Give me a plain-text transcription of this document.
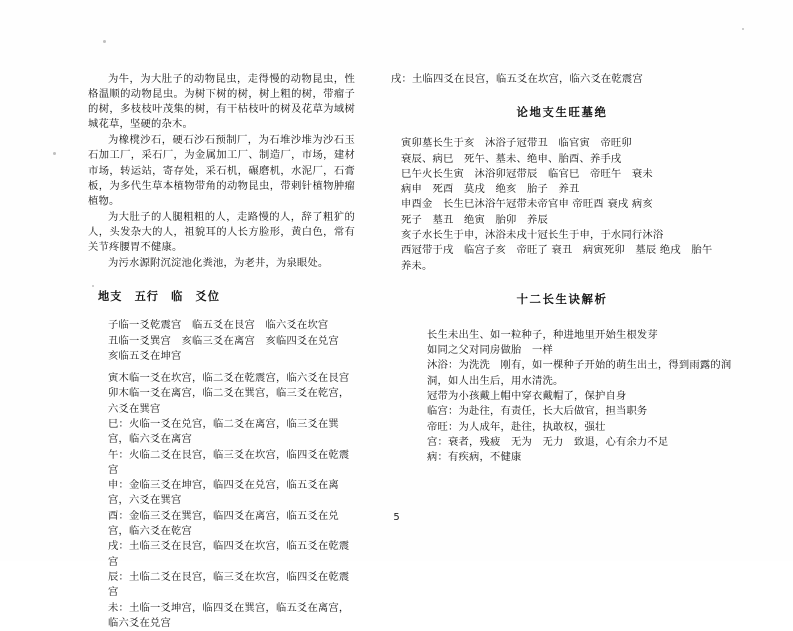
为牛，为大肚子的动物昆虫，走得慢的动物昆虫，性格温顺的动物昆虫。为树下树的树，树上粗的树，带瘤子的树，多枝枝叶茂集的树，有干枯枝叶的树及花草为域树城花草，坚硬的杂木。

为橡櫈沙石，硬石沙石预制厂，为石堆沙堆为沙石玉石加工厂，采石厂，为金属加工厂、制造厂，市场，建材市场，转运站，寄存处，采石机，碾磨机，水泥厂，石膏板，为多代生草本植物带角的动物昆虫，带剌针植物肿瘤植物。

为大肚子的人腿粗粗的人，走路慢的人，辞了粗犷的人，头发杂大的人，祖貌耳的人长方脸形，黄白色，常有关节疼腰胃不健康。

为污水源附沉淀池化粪池，为老井，为泉眼处。

地支　五行　临　爻位
子临一爻乾震宫　临五爻在艮宫　临六爻在坎宫
丑临一爻巽宫　亥临三爻在离宫　亥临四爻在兑宫　亥临五爻在坤宫
寅木临一爻在坎宫，临二爻在乾震宫，临六爻在艮宫
卯木临一爻在离宫，临二爻在巽宫，临三爻在乾宫，六爻在巽宫
巳：火临一爻在兑宫，临二爻在离宫，临三爻在巽宫，临六爻在离宫
午：火临二爻在艮宫，临三爻在坎宫，临四爻在乾震宫
申：金临三爻在坤宫，临四爻在兑宫，临五爻在离宫，六爻在巽宫
酉：金临三爻在巽宫，临四爻在离宫，临五爻在兑宫，临六爻在乾宫
戌：土临三爻在艮宫，临四爻在坎宫，临五爻在乾震宫
辰：土临二爻在艮宫，临三爻在坎宫，临四爻在乾震宫
未：土临一爻坤宫，临四爻在巽宫，临五爻在离宫，临六爻在兑宫
戌：土临四爻在艮宫，临五爻在坎宫，临六爻在乾震宫
论地支生旺墓绝
寅卯墓长生于亥　沐浴子冠带丑　临官寅　帝旺卯
衰辰、病巳　死午、墓未、绝申、胎酉、养手戌
巳午火长生寅　沐浴卯冠带辰　临官巳　帝旺午　衰未
病申　死酉　莫戌　绝亥　胎子　养丑
申酉金　长生巳沐浴午冠带未帝官申 帝旺酉 衰戌 病亥
死子　墓丑　绝寅　胎卯　养辰
亥子水长生于申，沐浴未戌十冠长生于申，于水同行沐浴
西冠带于戌　临宫子亥　帝旺了 衰丑　病寅死卯　墓辰 绝戌　胎午
养未。
十二长生诀解析
长生未出生、如一粒种子，种进地里开始生根发芽
如同之父对同房做胎　一样
沐浴：为洗洗　刚有，如一棵种子开始的萌生出土，得到雨露的润洞，如人出生后，用水清洗。
冠带为小孩戴上帽中穿衣戴帽了，保护自身
临宫：为赴往，有责任，长大后做官，担当职务
帝旺：为人成年，赴往，执敢权，强壮
宫：衰者，残疲　无为　无力　致退，心有余力不足
病：有疾病，不健康
5
